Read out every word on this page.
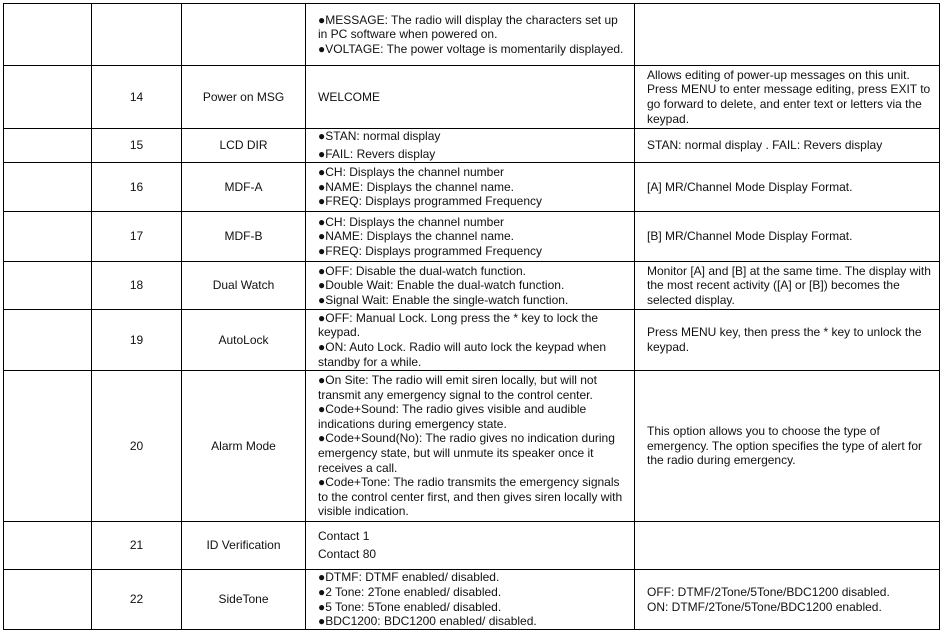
			●MESSAGE: The radio will display the characters set up in PC software when powered on.
●VOLTAGE: The power voltage is momentarily displayed.	

	14	Power on MSG	WELCOME	Allows editing of power-up messages on this unit. Press MENU to enter message editing, press EXIT to go forward to delete, and enter text or letters via the keypad.
	15	LCD DIR	●STAN: normal display
●FAIL: Revers display	STAN: normal display . FAIL: Revers display
	16	MDF-A	●CH: Displays the channel number
●NAME: Displays the channel name.
●FREQ: Displays programmed Frequency	[A] MR/Channel Mode Display Format.
	17	MDF-B	●CH: Displays the channel number
●NAME: Displays the channel name.
●FREQ: Displays programmed Frequency	[B] MR/Channel Mode Display Format.
	18	Dual Watch	●OFF: Disable the dual-watch function.
●Double Wait: Enable the dual-watch function.
●Signal Wait: Enable the single-watch function.	Monitor [A] and [B] at the same time. The display with the most recent activity ([A] or [B]) becomes the selected display.
	19	AutoLock	●OFF: Manual Lock. Long press the * key to lock the keypad.
●ON: Auto Lock. Radio will auto lock the keypad when standby for a while.	Press MENU key, then press the * key to unlock the keypad.
	20	Alarm Mode	●On Site: The radio will emit siren locally, but will not transmit any emergency signal to the control center.
●Code+Sound: The radio gives visible and audible indications during emergency state.
●Code+Sound(No): The radio gives no indication during emergency state, but will unmute its speaker once it receives a call.
●Code+Tone: The radio transmits the emergency signals to the control center first, and then gives siren locally with visible indication.	This option allows you to choose the type of emergency. The option specifies the type of alert for the radio during emergency.
	21	ID Verification	Contact 1
Contact 80	

	22	SideTone	●DTMF: DTMF enabled/ disabled.
●2 Tone: 2Tone enabled/ disabled.
●5 Tone: 5Tone enabled/ disabled.
●BDC1200: BDC1200 enabled/ disabled.	OFF: DTMF/2Tone/5Tone/BDC1200 disabled.
ON: DTMF/2Tone/5Tone/BDC1200 enabled.
